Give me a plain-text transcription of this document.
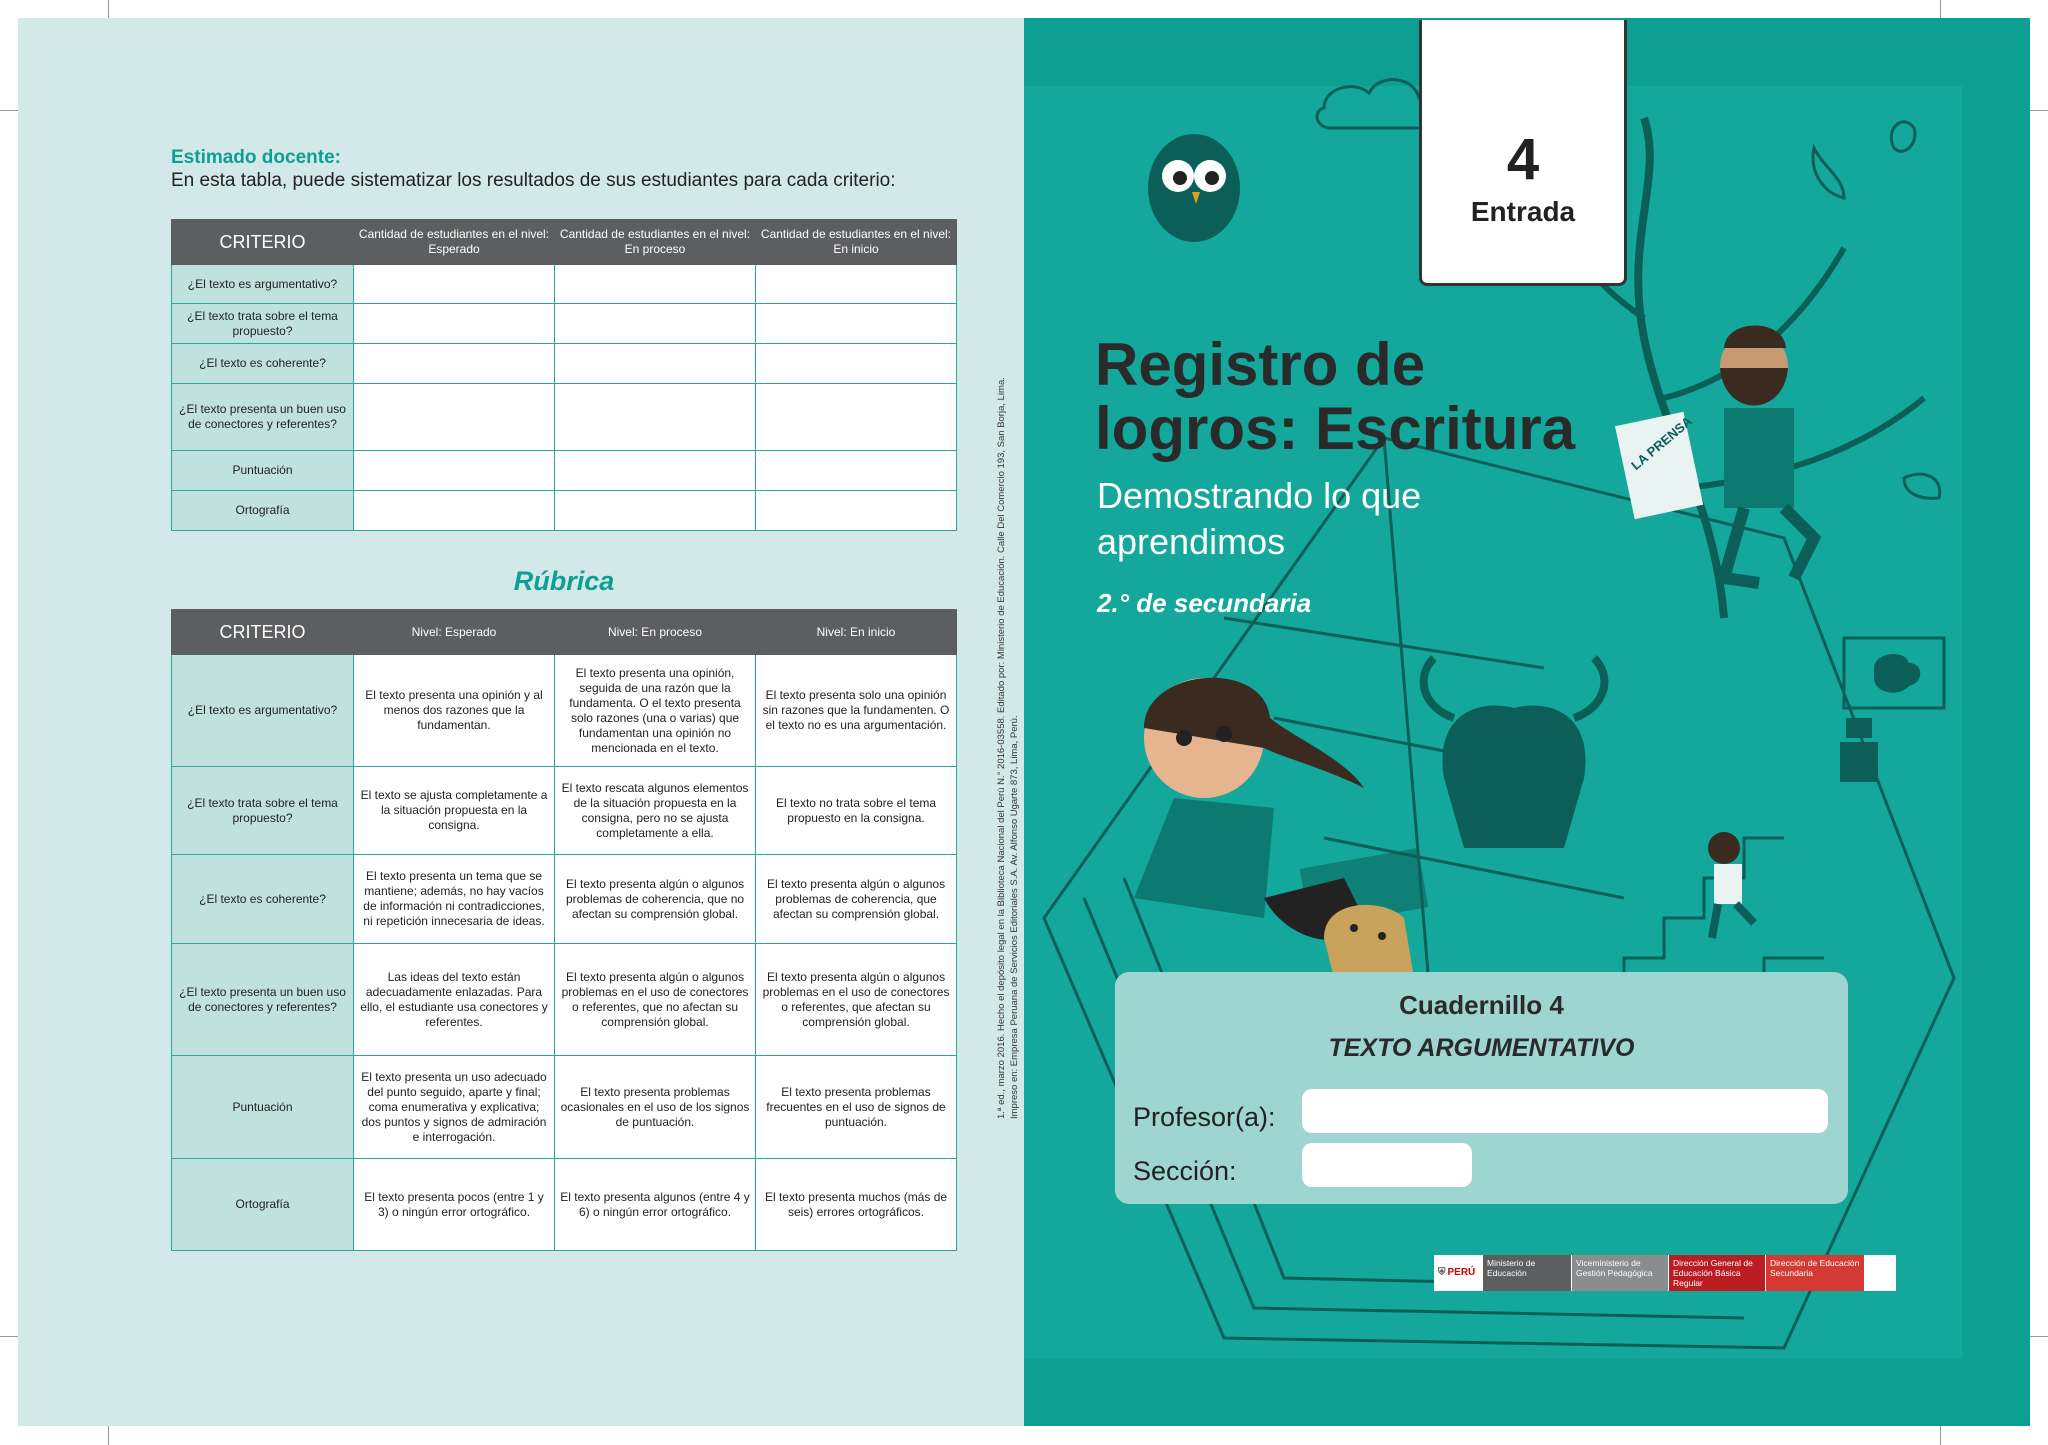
Estimado docente:
En esta tabla, puede sistematizar los resultados de sus estudiantes para cada criterio:
CRITERIO	Cantidad de estudiantes en el nivel: Esperado	Cantidad de estudiantes en el nivel: En proceso	Cantidad de estudiantes en el nivel: En inicio
¿El texto es argumentativo?			
¿El texto trata sobre el tema propuesto?			
¿El texto es coherente?			
¿El texto presenta un buen uso de conectores y referentes?			
Puntuación			
Ortografía			
Rúbrica
CRITERIO	Nivel: Esperado	Nivel: En proceso	Nivel: En inicio
¿El texto es argumentativo?	El texto presenta una opinión y al menos dos razones que la fundamentan.	El texto presenta una opinión, seguida de una razón que la fundamenta. O el texto presenta solo razones (una o varias) que fundamentan una opinión no mencionada en el texto.	El texto presenta solo una opinión sin razones que la fundamenten. O el texto no es una argumentación.
¿El texto trata sobre el tema propuesto?	El texto se ajusta completamente a la situación propuesta en la consigna.	El texto rescata algunos elementos de la situación propuesta en la consigna, pero no se ajusta completamente a ella.	El texto no trata sobre el tema propuesto en la consigna.
¿El texto es coherente?	El texto presenta un tema que se mantiene; además, no hay vacíos de información ni contradicciones, ni repetición innecesaria de ideas.	El texto presenta algún o algunos problemas de coherencia, que no afectan su comprensión global.	El texto presenta algún o algunos problemas de coherencia, que afectan su comprensión global.
¿El texto presenta un buen uso de conectores y referentes?	Las ideas del texto están adecuadamente enlazadas. Para ello, el estudiante usa conectores y referentes.	El texto presenta algún o algunos problemas en el uso de conectores o referentes, que no afectan su comprensión global.	El texto presenta algún o algunos problemas en el uso de conectores o referentes, que afectan su comprensión global.
Puntuación	El texto presenta un uso adecuado del punto seguido, aparte y final; coma enumerativa y explicativa; dos puntos y signos de admiración e interrogación.	El texto presenta problemas ocasionales en el uso de los signos de puntuación.	El texto presenta problemas frecuentes en el uso de signos de puntuación.
Ortografía	El texto presenta pocos (entre 1 y 3) o ningún error ortográfico.	El texto presenta algunos (entre 4 y 6) o ningún error ortográfico.	El texto presenta muchos (más de seis) errores ortográficos.
1.ª ed., marzo 2016. Hecho el depósito legal en la Biblioteca Nacional del Perú N.° 2016-03558. Editado por: Ministerio de Educación. Calle Del Comercio 193, San Borja, Lima. Impreso en: Empresa Peruana de Servicios Editoriales S.A. Av. Alfonso Ugarte 873, Lima, Perú.
LA PRENSA
4
Entrada
Registro de
logros: Escritura
Demostrando lo que aprendimos
2.° de secundaria
Cuadernillo 4
TEXTO ARGUMENTATIVO
Profesor(a):
Sección:
⛨ PERÚ
Ministerio de Educación
Viceministerio de Gestión Pedagógica
Dirección General de Educación Básica Regular
Dirección de Educación Secundaria
